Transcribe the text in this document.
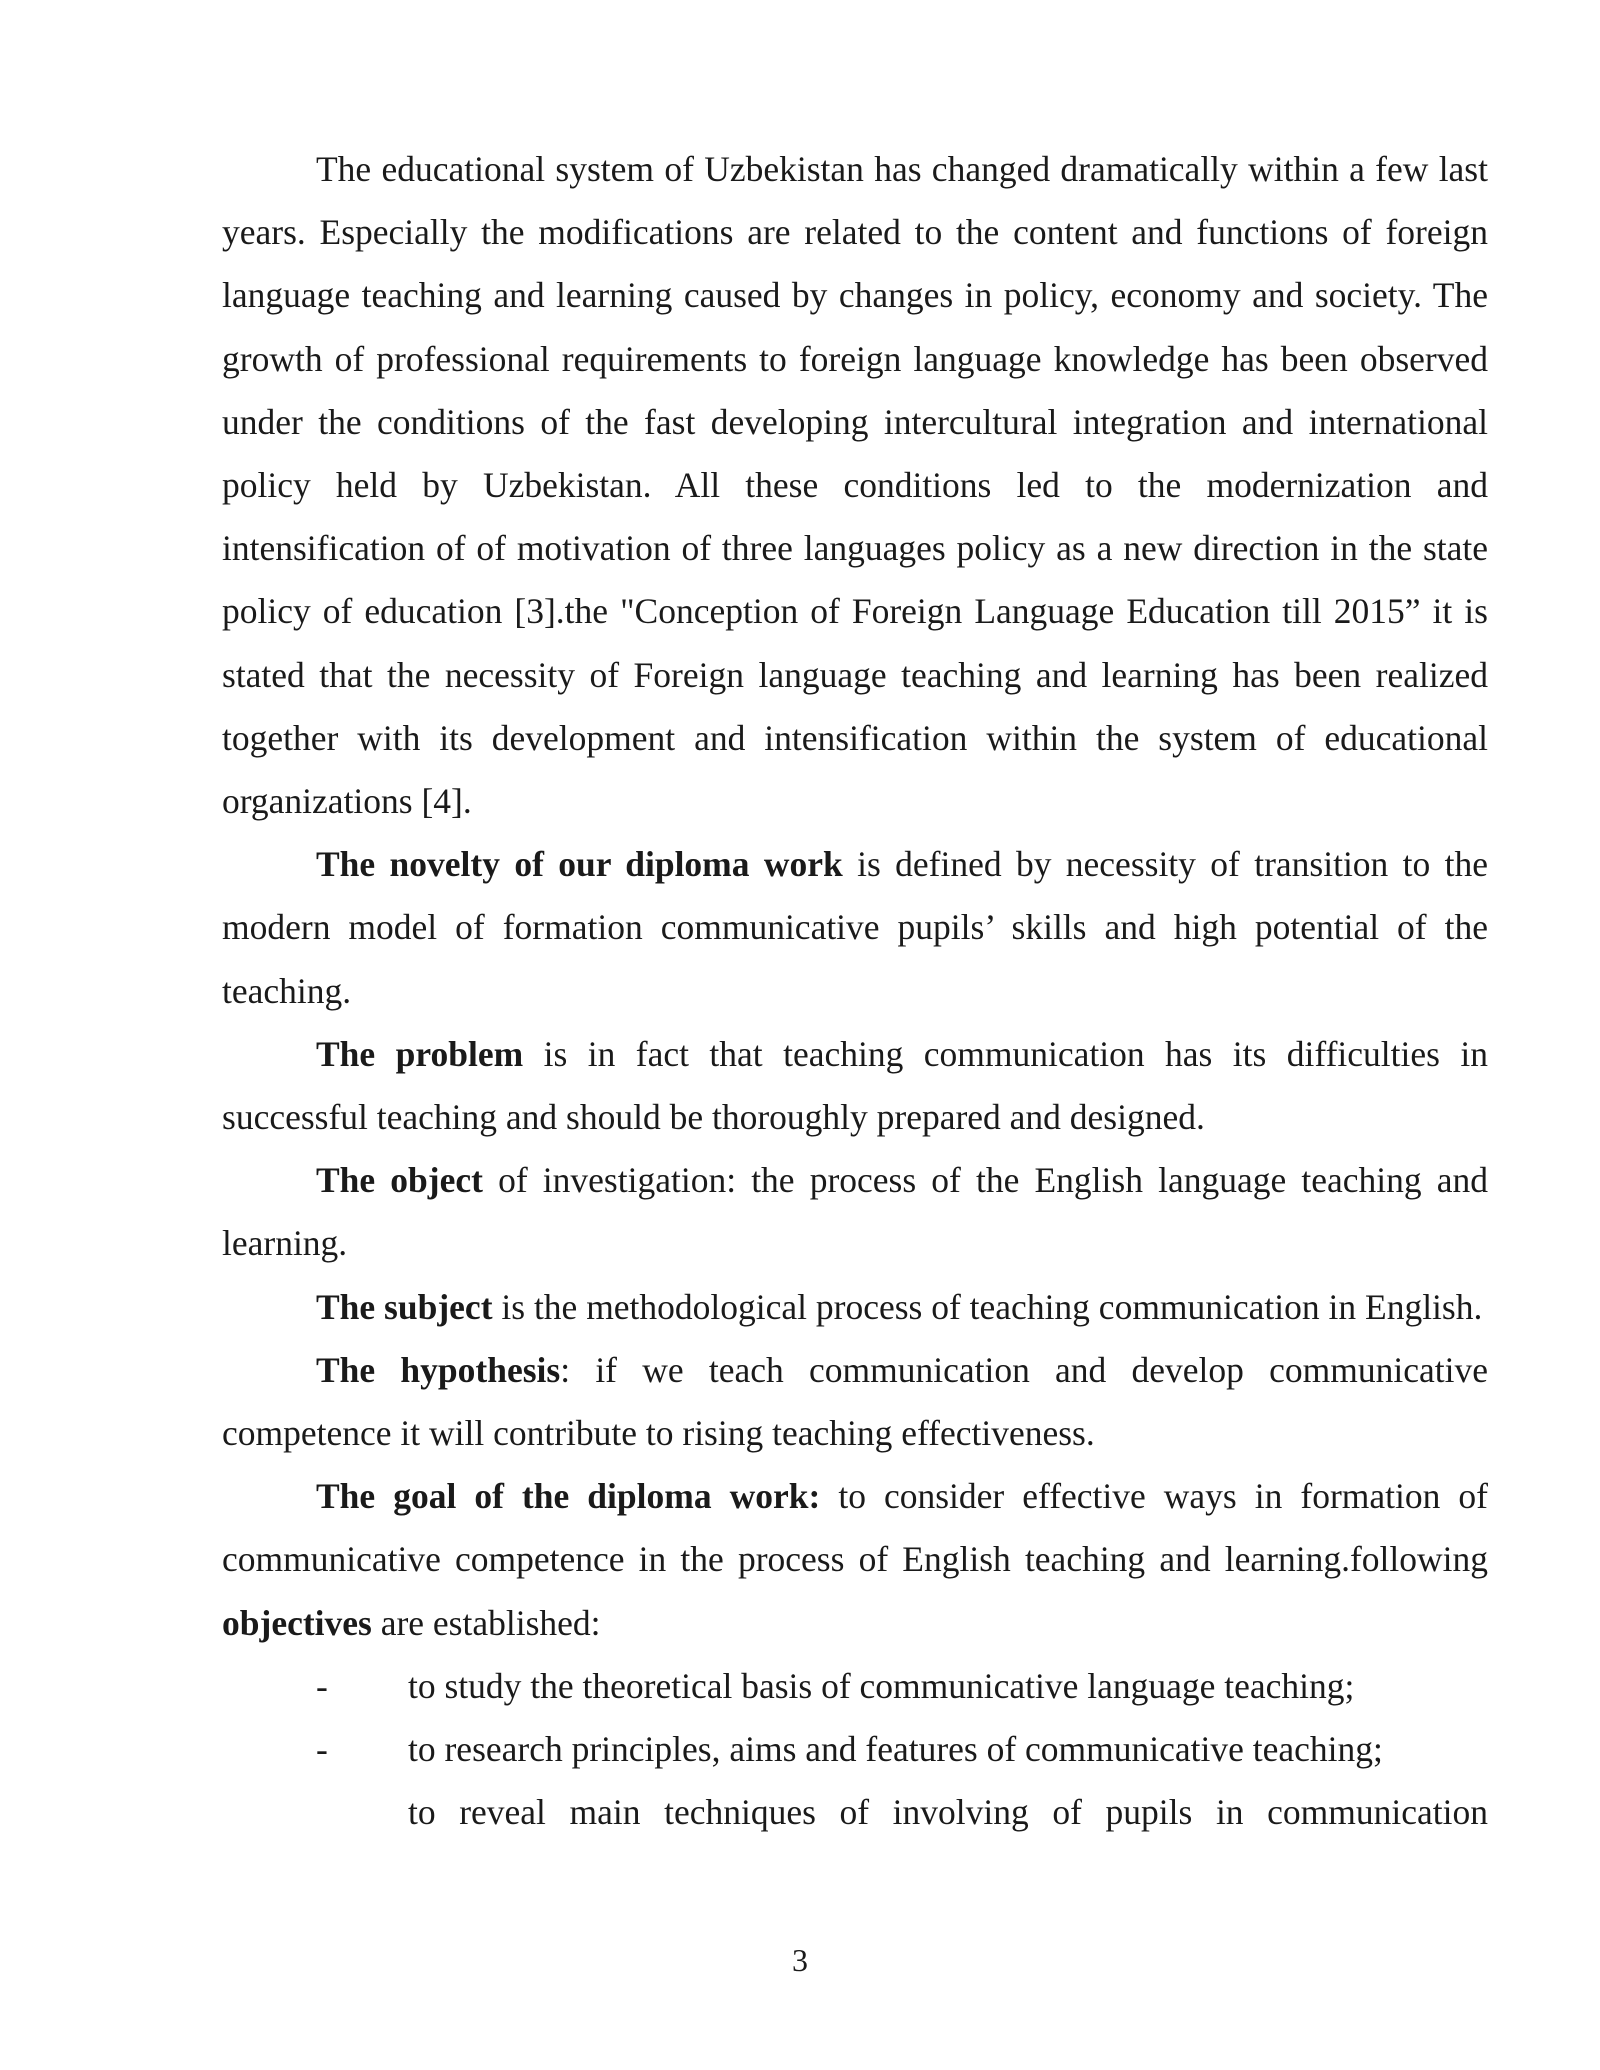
The educational system of Uzbekistan has changed dramatically within a few last years. Especially the modifications are related to the content and functions of foreign language teaching and learning caused by changes in policy, economy and society. The growth of professional requirements to foreign language knowledge has been observed under the conditions of the fast developing intercultural integration and international policy held by Uzbekistan. All these conditions led to the modernization and intensification of of motivation of three languages policy as a new direction in the state policy of education [3].the "Conception of Foreign Language Education till 2015” it is stated that the necessity of Foreign language teaching and learning has been realized together with its development and intensification within the system of educational organizations [4].

The novelty of our diploma work is defined by necessity of transition to the modern model of formation communicative pupils’ skills and high potential of the teaching.

The problem is in fact that teaching communication has its difficulties in successful teaching and should be thoroughly prepared and designed.

The object of investigation: the process of the English language teaching and learning.

The subject is the methodological process of teaching communication in English.

The hypothesis: if we teach communication and develop communicative competence it will contribute to rising teaching effectiveness.

The goal of the diploma work: to consider effective ways in formation of communicative competence in the process of English teaching and learning.following objectives are established:

- to study the theoretical basis of communicative language teaching;
- to research principles, aims and features of communicative teaching;
to reveal main techniques of involving of pupils in communication
3
